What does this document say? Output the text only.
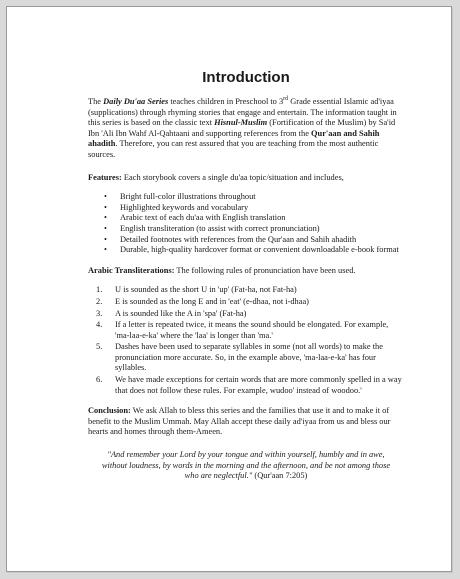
Introduction

The Daily Du'aa Series teaches children in Preschool to 3rd Grade essential Islamic ad'iyaa (supplications) through rhyming stories that engage and entertain. The information taught in this series is based on the classic text Hisnul-Muslim (Fortification of the Muslim) by Sa'id Ibn 'Ali Ibn Wahf Al-Qahtaani and supporting references from the Qur'aan and Sahih ahadith. Therefore, you can rest assured that you are teaching from the most authentic sources.

Features: Each storybook covers a single du'aa topic/situation and includes,

• Bright full-color illustrations throughout
• Highlighted keywords and vocabulary
• Arabic text of each du'aa with English translation
• English transliteration (to assist with correct pronunciation)
• Detailed footnotes with references from the Qur'aan and Sahih ahadith
• Durable, high-quality hardcover format or convenient downloadable e-book format

Arabic Transliterations: The following rules of pronunciation have been used.

1. U is sounded as the short U in 'up' (Fat-ha, not Fat-ha)
2. E is sounded as the long E and in 'eat' (e-dhaa, not i-dhaa)
3. A is sounded like the A in 'spa' (Fat-ha)
4. If a letter is repeated twice, it means the sound should be elongated. For example, 'ma-laa-e-ka' where the 'laa' is longer than 'ma.'
5. Dashes have been used to separate syllables in some (not all words) to make the pronunciation more accurate. So, in the example above, 'ma-laa-e-ka' has four syllables.
6. We have made exceptions for certain words that are more commonly spelled in a way that does not follow these rules. For example, wudoo' instead of woodoo.'

Conclusion: We ask Allah to bless this series and the families that use it and to make it of benefit to the Muslim Ummah. May Allah accept these daily ad'iyaa from us and bless our hearts and homes through them-Ameen.

"And remember your Lord by your tongue and within yourself, humbly and in awe, without loudness, by words in the morning and the afternoon, and be not among those who are neglectful." (Qur'aan 7:205)
